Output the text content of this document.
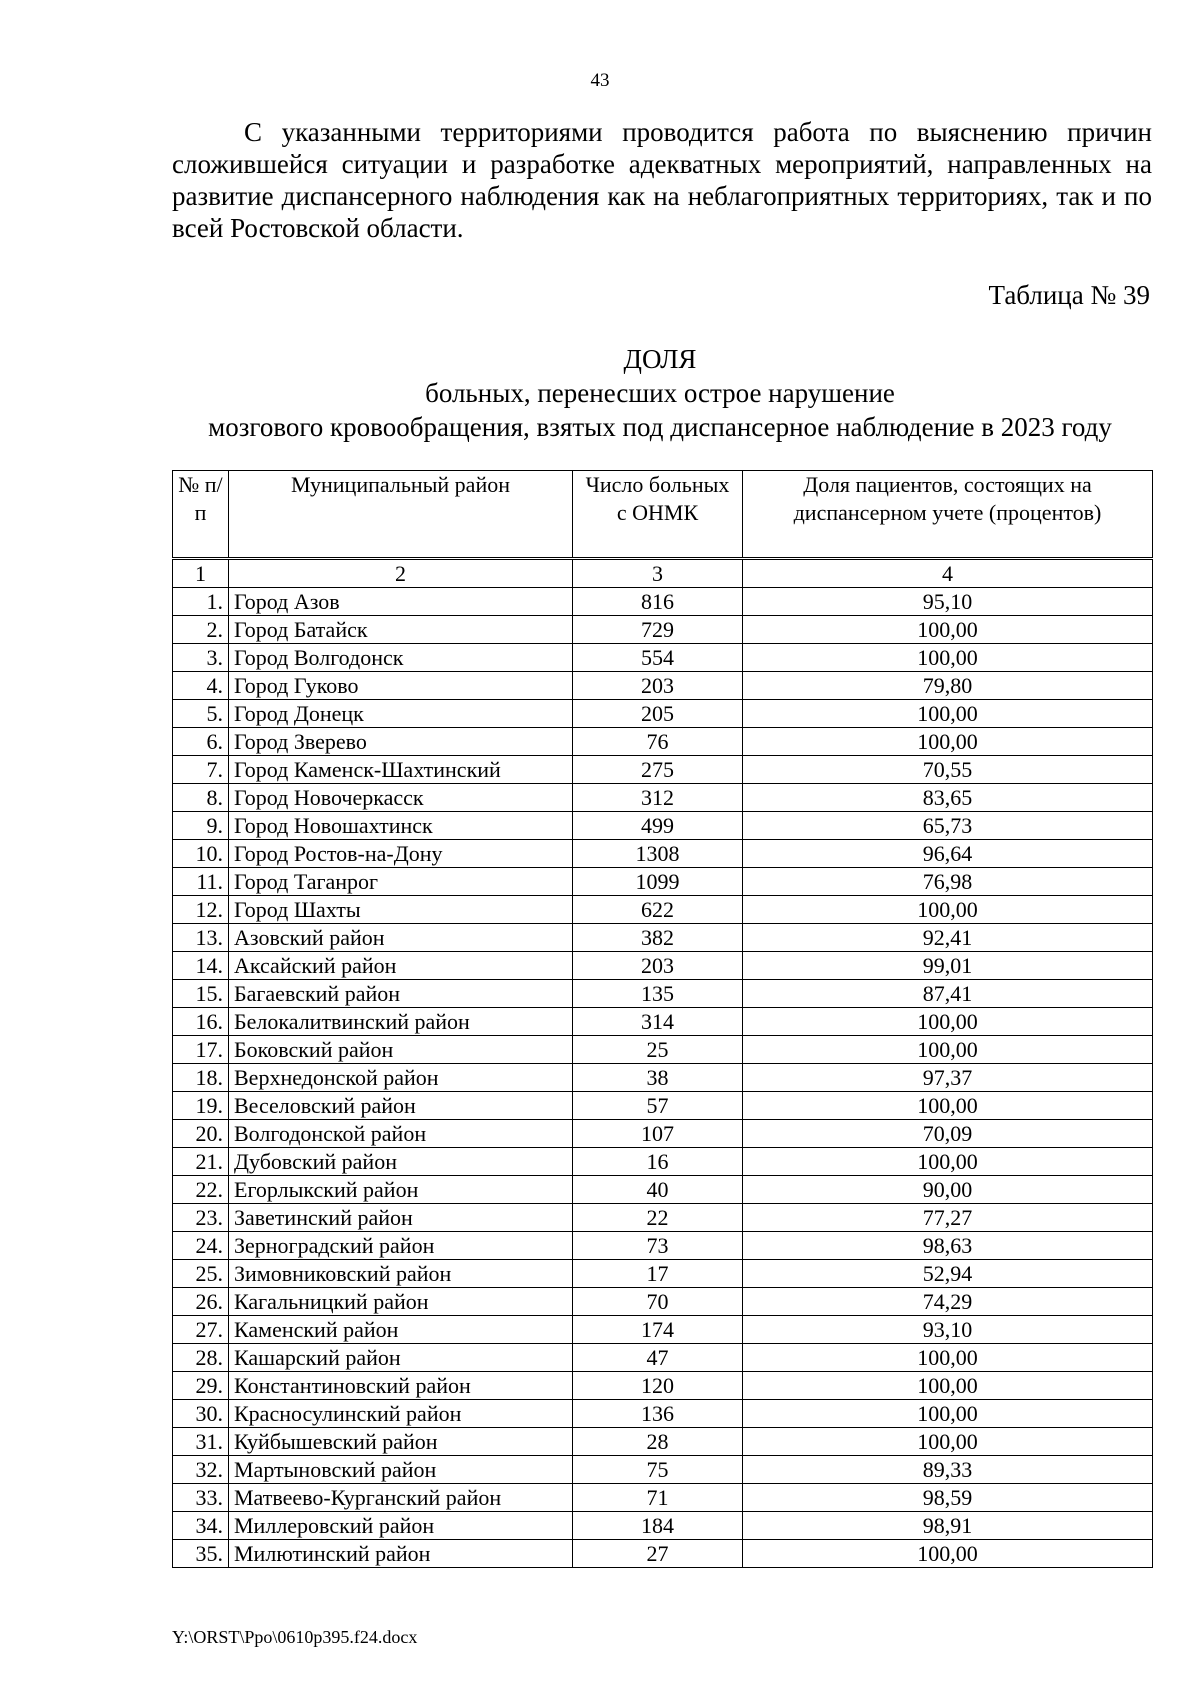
43

С указанными территориями проводится работа по выяснению причин сложившейся ситуации и разработке адекватных мероприятий, направленных на развитие диспансерного наблюдения как на неблагоприятных территориях, так и по всей Ростовской области.

Таблица № 39
ДОЛЯ
больных, перенесших острое нарушение
мозгового кровообращения, взятых под диспансерное наблюдение в 2023 году
№ п/п	Муниципальный район	Число больных с ОНМК	Доля пациентов, состоящих на диспансерном учете (процентов)
1	2	3	4
1.	Город Азов	816	95,10
2.	Город Батайск	729	100,00
3.	Город Волгодонск	554	100,00
4.	Город Гуково	203	79,80
5.	Город Донецк	205	100,00
6.	Город Зверево	76	100,00
7.	Город Каменск-Шахтинский	275	70,55
8.	Город Новочеркасск	312	83,65
9.	Город Новошахтинск	499	65,73
10.	Город Ростов-на-Дону	1308	96,64
11.	Город Таганрог	1099	76,98
12.	Город Шахты	622	100,00
13.	Азовский район	382	92,41
14.	Аксайский район	203	99,01
15.	Багаевский район	135	87,41
16.	Белокалитвинский район	314	100,00
17.	Боковский район	25	100,00
18.	Верхнедонской район	38	97,37
19.	Веселовский район	57	100,00
20.	Волгодонской район	107	70,09
21.	Дубовский район	16	100,00
22.	Егорлыкский район	40	90,00
23.	Заветинский район	22	77,27
24.	Зерноградский район	73	98,63
25.	Зимовниковский район	17	52,94
26.	Кагальницкий район	70	74,29
27.	Каменский район	174	93,10
28.	Кашарский район	47	100,00
29.	Константиновский район	120	100,00
30.	Красносулинский район	136	100,00
31.	Куйбышевский район	28	100,00
32.	Мартыновский район	75	89,33
33.	Матвеево-Курганский район	71	98,59
34.	Миллеровский район	184	98,91
35.	Милютинский район	27	100,00
Y:\ORST\Ppo\0610p395.f24.docx
